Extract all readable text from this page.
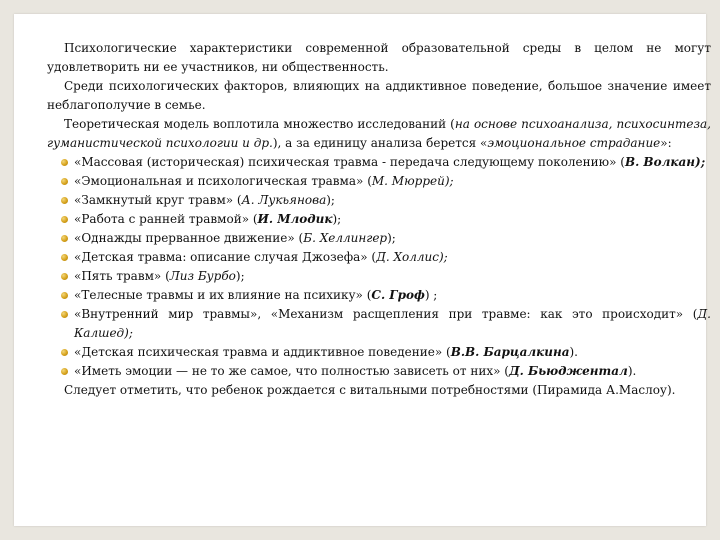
Психологические характеристики современной образовательной среды в целом не могут удовлетворить ни ее участников, ни общественность.

Среди психологических факторов, влияющих на аддиктивное поведение, большое значение имеет неблагополучие в семье.

Теоретическая модель воплотила множество исследований (на основе психоанализа, психосинтеза, гуманистической психологии и др.), а за единицу анализа берется «эмоциональное страдание»:

«Массовая (историческая) психическая травма - передача следующему поколению» (В. Волкан);

«Эмоциональная и психологическая травма» (М. Мюррей);

«Замкнутый круг травм» (А. Лукьянова);

«Работа с ранней травмой» (И. Млодик);

«Однажды прерванное движение» (Б. Хеллингер);

«Детская травма: описание случая Джозефа» (Д. Холлис);

«Пять травм» (Лиз Бурбо);

«Телесные травмы и их влияние на психику» (С. Гроф) ;

«Внутренний мир травмы», «Механизм расщепления при травме: как это происходит» (Д. Калшед);

«Детская психическая травма и аддиктивное поведение» (В.В. Барцалкина).

«Иметь эмоции — не то же самое, что полностью зависеть от них» (Д. Бьюджентал).

Следует отметить, что ребенок рождается с витальными потребностями (Пирамида А.Маслоу).
